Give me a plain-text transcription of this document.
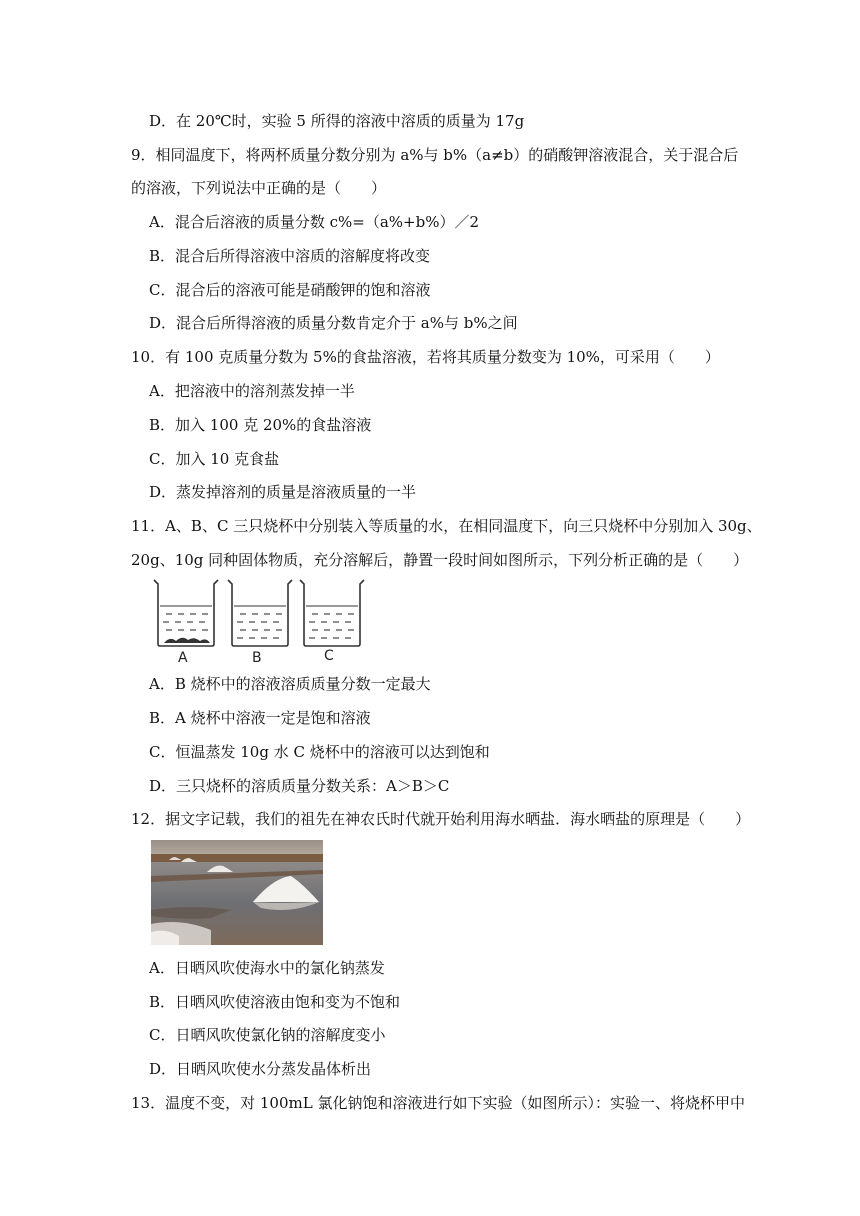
D．在 20℃时，实验 5 所得的溶液中溶质的质量为 17g
9．相同温度下，将两杯质量分数分别为 a%与 b%（a≠b）的硝酸钾溶液混合，关于混合后
的溶液，下列说法中正确的是（　　）
A．混合后溶液的质量分数 c%=（a%+b%）／2
B．混合后所得溶液中溶质的溶解度将改变
C．混合后的溶液可能是硝酸钾的饱和溶液
D．混合后所得溶液的质量分数肯定介于 a%与 b%之间
10．有 100 克质量分数为 5%的食盐溶液，若将其质量分数变为 10%，可采用（　　）
A．把溶液中的溶剂蒸发掉一半
B．加入 100 克 20%的食盐溶液
C．加入 10 克食盐
D．蒸发掉溶剂的质量是溶液质量的一半
11．A、B、C 三只烧杯中分别装入等质量的水，在相同温度下，向三只烧杯中分别加入 30g、
20g、10g 同种固体物质，充分溶解后，静置一段时间如图所示，下列分析正确的是（　　）
A	B	C
A．B 烧杯中的溶液溶质质量分数一定最大
B．A 烧杯中溶液一定是饱和溶液
C．恒温蒸发 10g 水 C 烧杯中的溶液可以达到饱和
D．三只烧杯的溶质质量分数关系：A＞B＞C
12．据文字记载，我们的祖先在神农氏时代就开始利用海水晒盐．海水晒盐的原理是（　　）
A．日晒风吹使海水中的氯化钠蒸发
B．日晒风吹使溶液由饱和变为不饱和
C．日晒风吹使氯化钠的溶解度变小
D．日晒风吹使水分蒸发晶体析出
13．温度不变，对 100mL 氯化钠饱和溶液进行如下实验（如图所示）：实验一、将烧杯甲中
